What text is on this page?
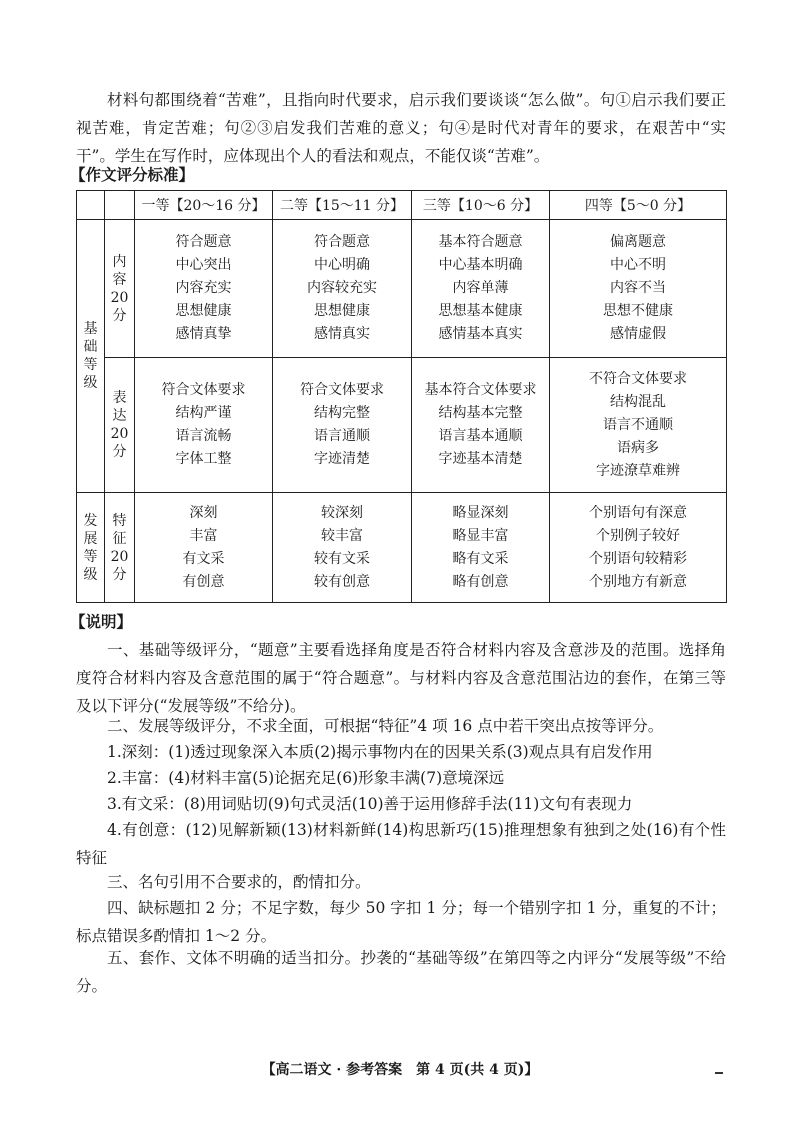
材料句都围绕着“苦难”，且指向时代要求，启示我们要谈谈“怎么做”。句①启示我们要正视苦难，肯定苦难；句②③启发我们苦难的意义；句④是时代对青年的要求，在艰苦中“实干”。学生在写作时，应体现出个人的看法和观点，不能仅谈“苦难”。

【作文评分标准】

		一等【20～16 分】	二等【15～11 分】	三等【10～6 分】	四等【5～0 分】

基
础
等
级	内
容
20
分	符合题意
中心突出
内容充实
思想健康
感情真挚	符合题意
中心明确
内容较充实
思想健康
感情真实	基本符合题意
中心基本明确
内容单薄
思想基本健康
感情基本真实	偏离题意
中心不明
内容不当
思想不健康
感情虚假

	表
达
20
分	符合文体要求
结构严谨
语言流畅
字体工整	符合文体要求
结构完整
语言通顺
字迹清楚	基本符合文体要求
结构基本完整
语言基本通顺
字迹基本清楚	不符合文体要求
结构混乱
语言不通顺
语病多
字迹潦草难辨

发
展
等
级	特
征
20
分	深刻
丰富
有文采
有创意	较深刻
较丰富
较有文采
较有创意	略显深刻
略显丰富
略有文采
略有创意	个别语句有深意
个别例子较好
个别语句较精彩
个别地方有新意

【说明】

一、基础等级评分，“题意”主要看选择角度是否符合材料内容及含意涉及的范围。选择角度符合材料内容及含意范围的属于“符合题意”。与材料内容及含意范围沾边的套作，在第三等及以下评分(“发展等级”不给分)。

二、发展等级评分，不求全面，可根据“特征”4 项 16 点中若干突出点按等评分。

1.深刻：(1)透过现象深入本质(2)揭示事物内在的因果关系(3)观点具有启发作用

2.丰富：(4)材料丰富(5)论据充足(6)形象丰满(7)意境深远

3.有文采：(8)用词贴切(9)句式灵活(10)善于运用修辞手法(11)文句有表现力

4.有创意：(12)见解新颖(13)材料新鲜(14)构思新巧(15)推理想象有独到之处(16)有个性特征

三、名句引用不合要求的，酌情扣分。

四、缺标题扣 2 分；不足字数，每少 50 字扣 1 分；每一个错别字扣 1 分，重复的不计；标点错误多酌情扣 1～2 分。

五、套作、文体不明确的适当扣分。抄袭的“基础等级”在第四等之内评分“发展等级”不给分。

【高二语文 · 参考答案　第 4 页(共 4 页)】
